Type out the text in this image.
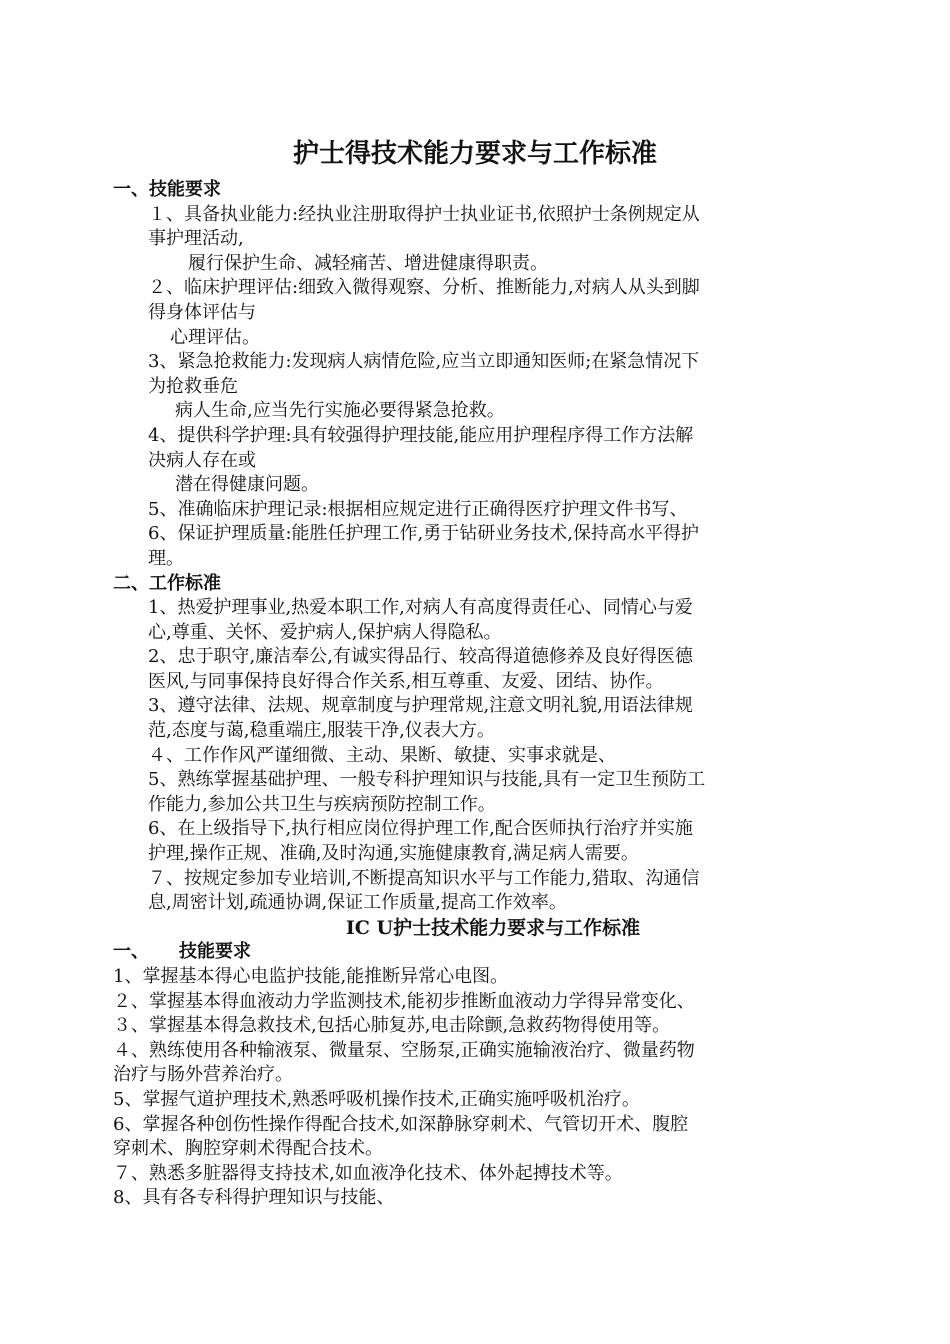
护士得技术能力要求与工作标准
一、技能要求
１、具备执业能力:经执业注册取得护士执业证书,依照护士条例规定从
事护理活动,
履行保护生命、减轻痛苦、增进健康得职责。
２、临床护理评估:细致入微得观察、分析、推断能力,对病人从头到脚
得身体评估与
心理评估。
3、紧急抢救能力:发现病人病情危险,应当立即通知医师;在紧急情况下
为抢救垂危
病人生命,应当先行实施必要得紧急抢救。
4、提供科学护理:具有较强得护理技能,能应用护理程序得工作方法解
决病人存在或
潜在得健康问题。
5、准确临床护理记录:根据相应规定进行正确得医疗护理文件书写、
6、保证护理质量:能胜任护理工作,勇于钻研业务技术,保持高水平得护
理。
二、工作标准
1、热爱护理事业,热爱本职工作,对病人有高度得责任心、同情心与爱
心,尊重、关怀、爱护病人,保护病人得隐私。
2、忠于职守,廉洁奉公,有诚实得品行、较高得道德修养及良好得医德
医风,与同事保持良好得合作关系,相互尊重、友爱、团结、协作。
3、遵守法律、法规、规章制度与护理常规,注意文明礼貌,用语法律规
范,态度与蔼,稳重端庄,服装干净,仪表大方。
４、工作作风严谨细微、主动、果断、敏捷、实事求就是、
5、熟练掌握基础护理、一般专科护理知识与技能,具有一定卫生预防工
作能力,参加公共卫生与疾病预防控制工作。
6、在上级指导下,执行相应岗位得护理工作,配合医师执行治疗并实施
护理,操作正规、准确,及时沟通,实施健康教育,满足病人需要。
７、按规定参加专业培训,不断提高知识水平与工作能力,猎取、沟通信
息,周密计划,疏通协调,保证工作质量,提高工作效率。
IC U护士技术能力要求与工作标准
一、 技能要求
1、掌握基本得心电监护技能,能推断异常心电图。
２、掌握基本得血液动力学监测技术,能初步推断血液动力学得异常变化、
３、掌握基本得急救技术,包括心肺复苏,电击除颤,急救药物得使用等。
４、熟练使用各种输液泵、微量泵、空肠泵,正确实施输液治疗、微量药物
治疗与肠外营养治疗。
5、掌握气道护理技术,熟悉呼吸机操作技术,正确实施呼吸机治疗。
6、掌握各种创伤性操作得配合技术,如深静脉穿刺术、气管切开术、腹腔
穿刺术、胸腔穿刺术得配合技术。
７、熟悉多脏器得支持技术,如血液净化技术、体外起搏技术等。
8、具有各专科得护理知识与技能、
